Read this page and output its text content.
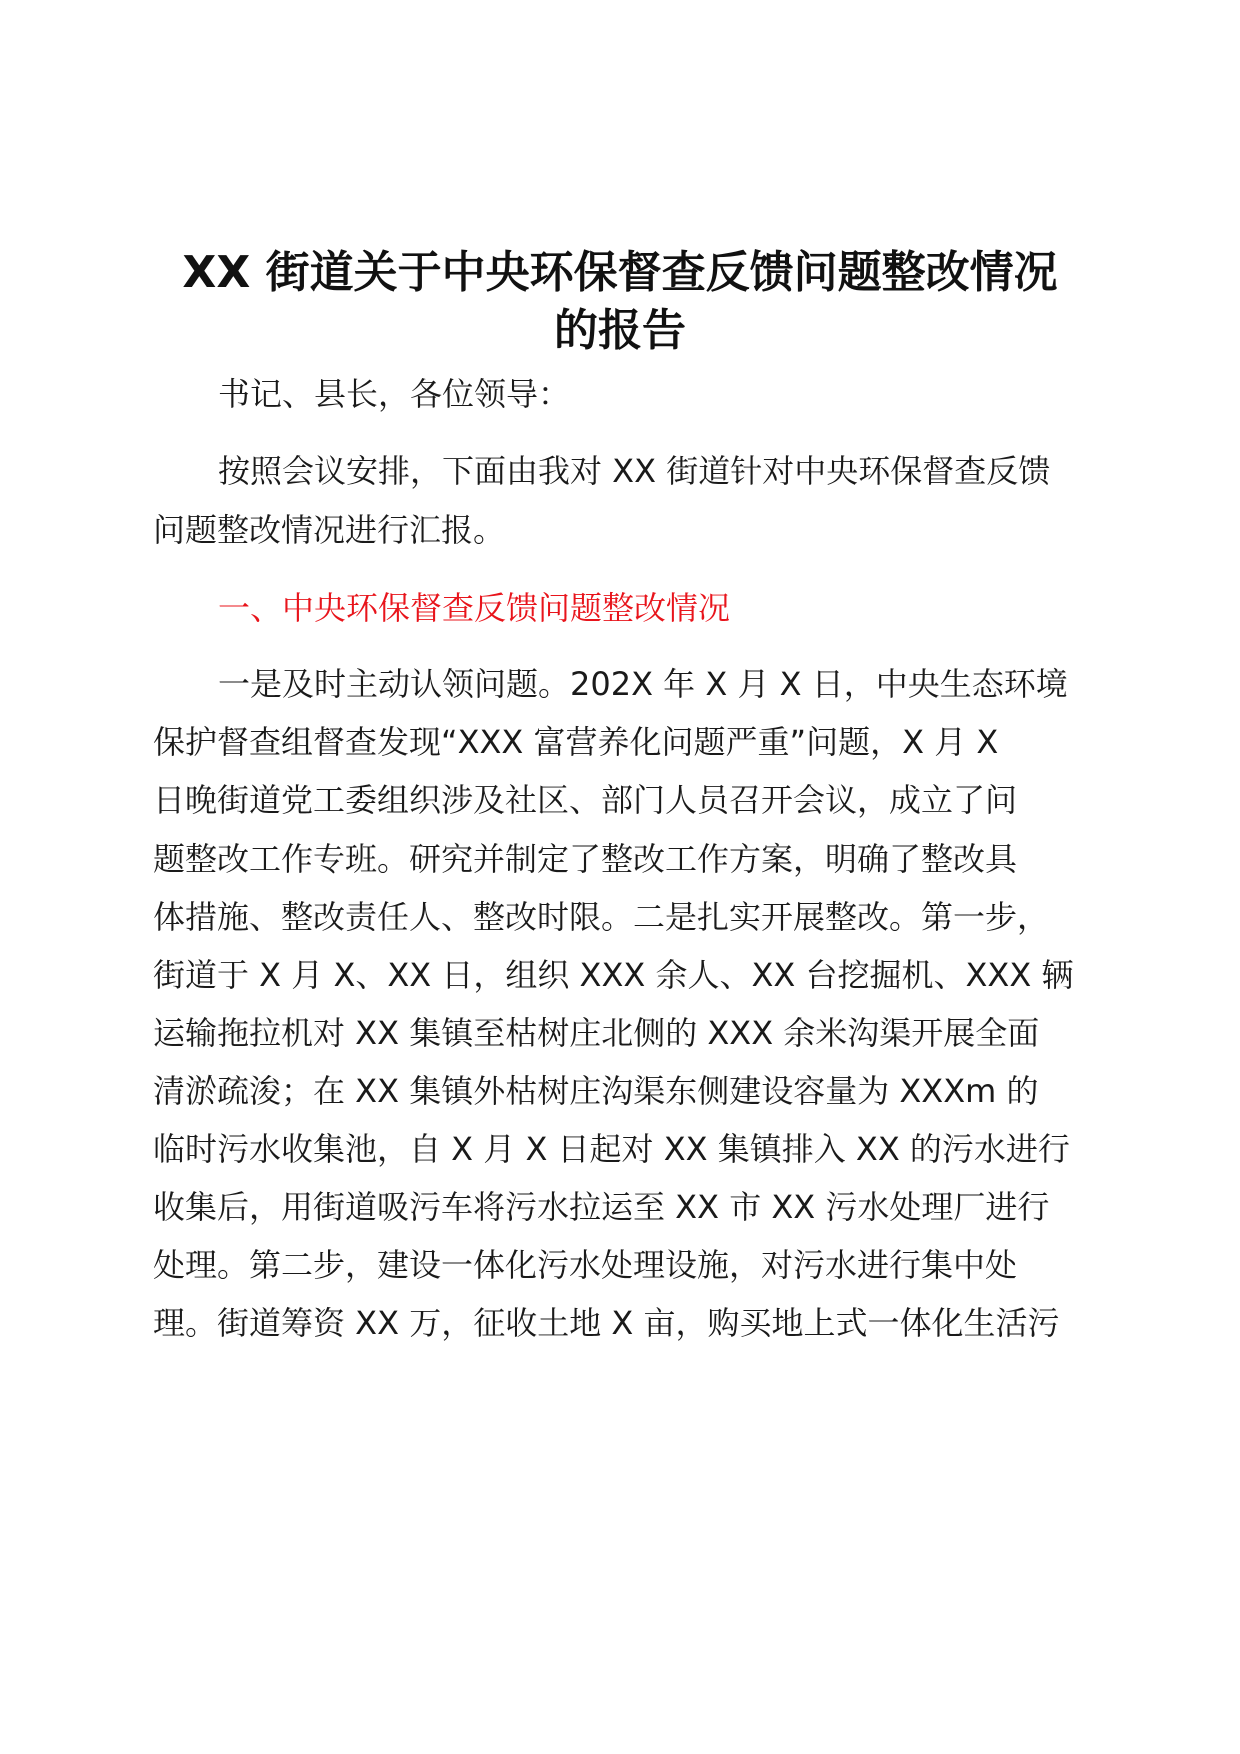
XX 街道关于中央环保督查反馈问题整改情况
的报告
书记、县长，各位领导：
按照会议安排，下面由我对 XX 街道针对中央环保督查反馈
问题整改情况进行汇报。
一、中央环保督查反馈问题整改情况
一是及时主动认领问题。202X 年 X 月 X 日，中央生态环境
保护督查组督查发现“XXX 富营养化问题严重”问题，X 月 X
日晚街道党工委组织涉及社区、部门人员召开会议，成立了问
题整改工作专班。研究并制定了整改工作方案，明确了整改具
体措施、整改责任人、整改时限。二是扎实开展整改。第一步，
街道于 X 月 X、XX 日，组织 XXX 余人、XX 台挖掘机、XXX 辆
运输拖拉机对 XX 集镇至枯树庄北侧的 XXX 余米沟渠开展全面
清淤疏浚；在 XX 集镇外枯树庄沟渠东侧建设容量为 XXXm 的
临时污水收集池，自 X 月 X 日起对 XX 集镇排入 XX 的污水进行
收集后，用街道吸污车将污水拉运至 XX 市 XX 污水处理厂进行
处理。第二步，建设一体化污水处理设施，对污水进行集中处
理。街道筹资 XX 万，征收土地 X 亩，购买地上式一体化生活污
